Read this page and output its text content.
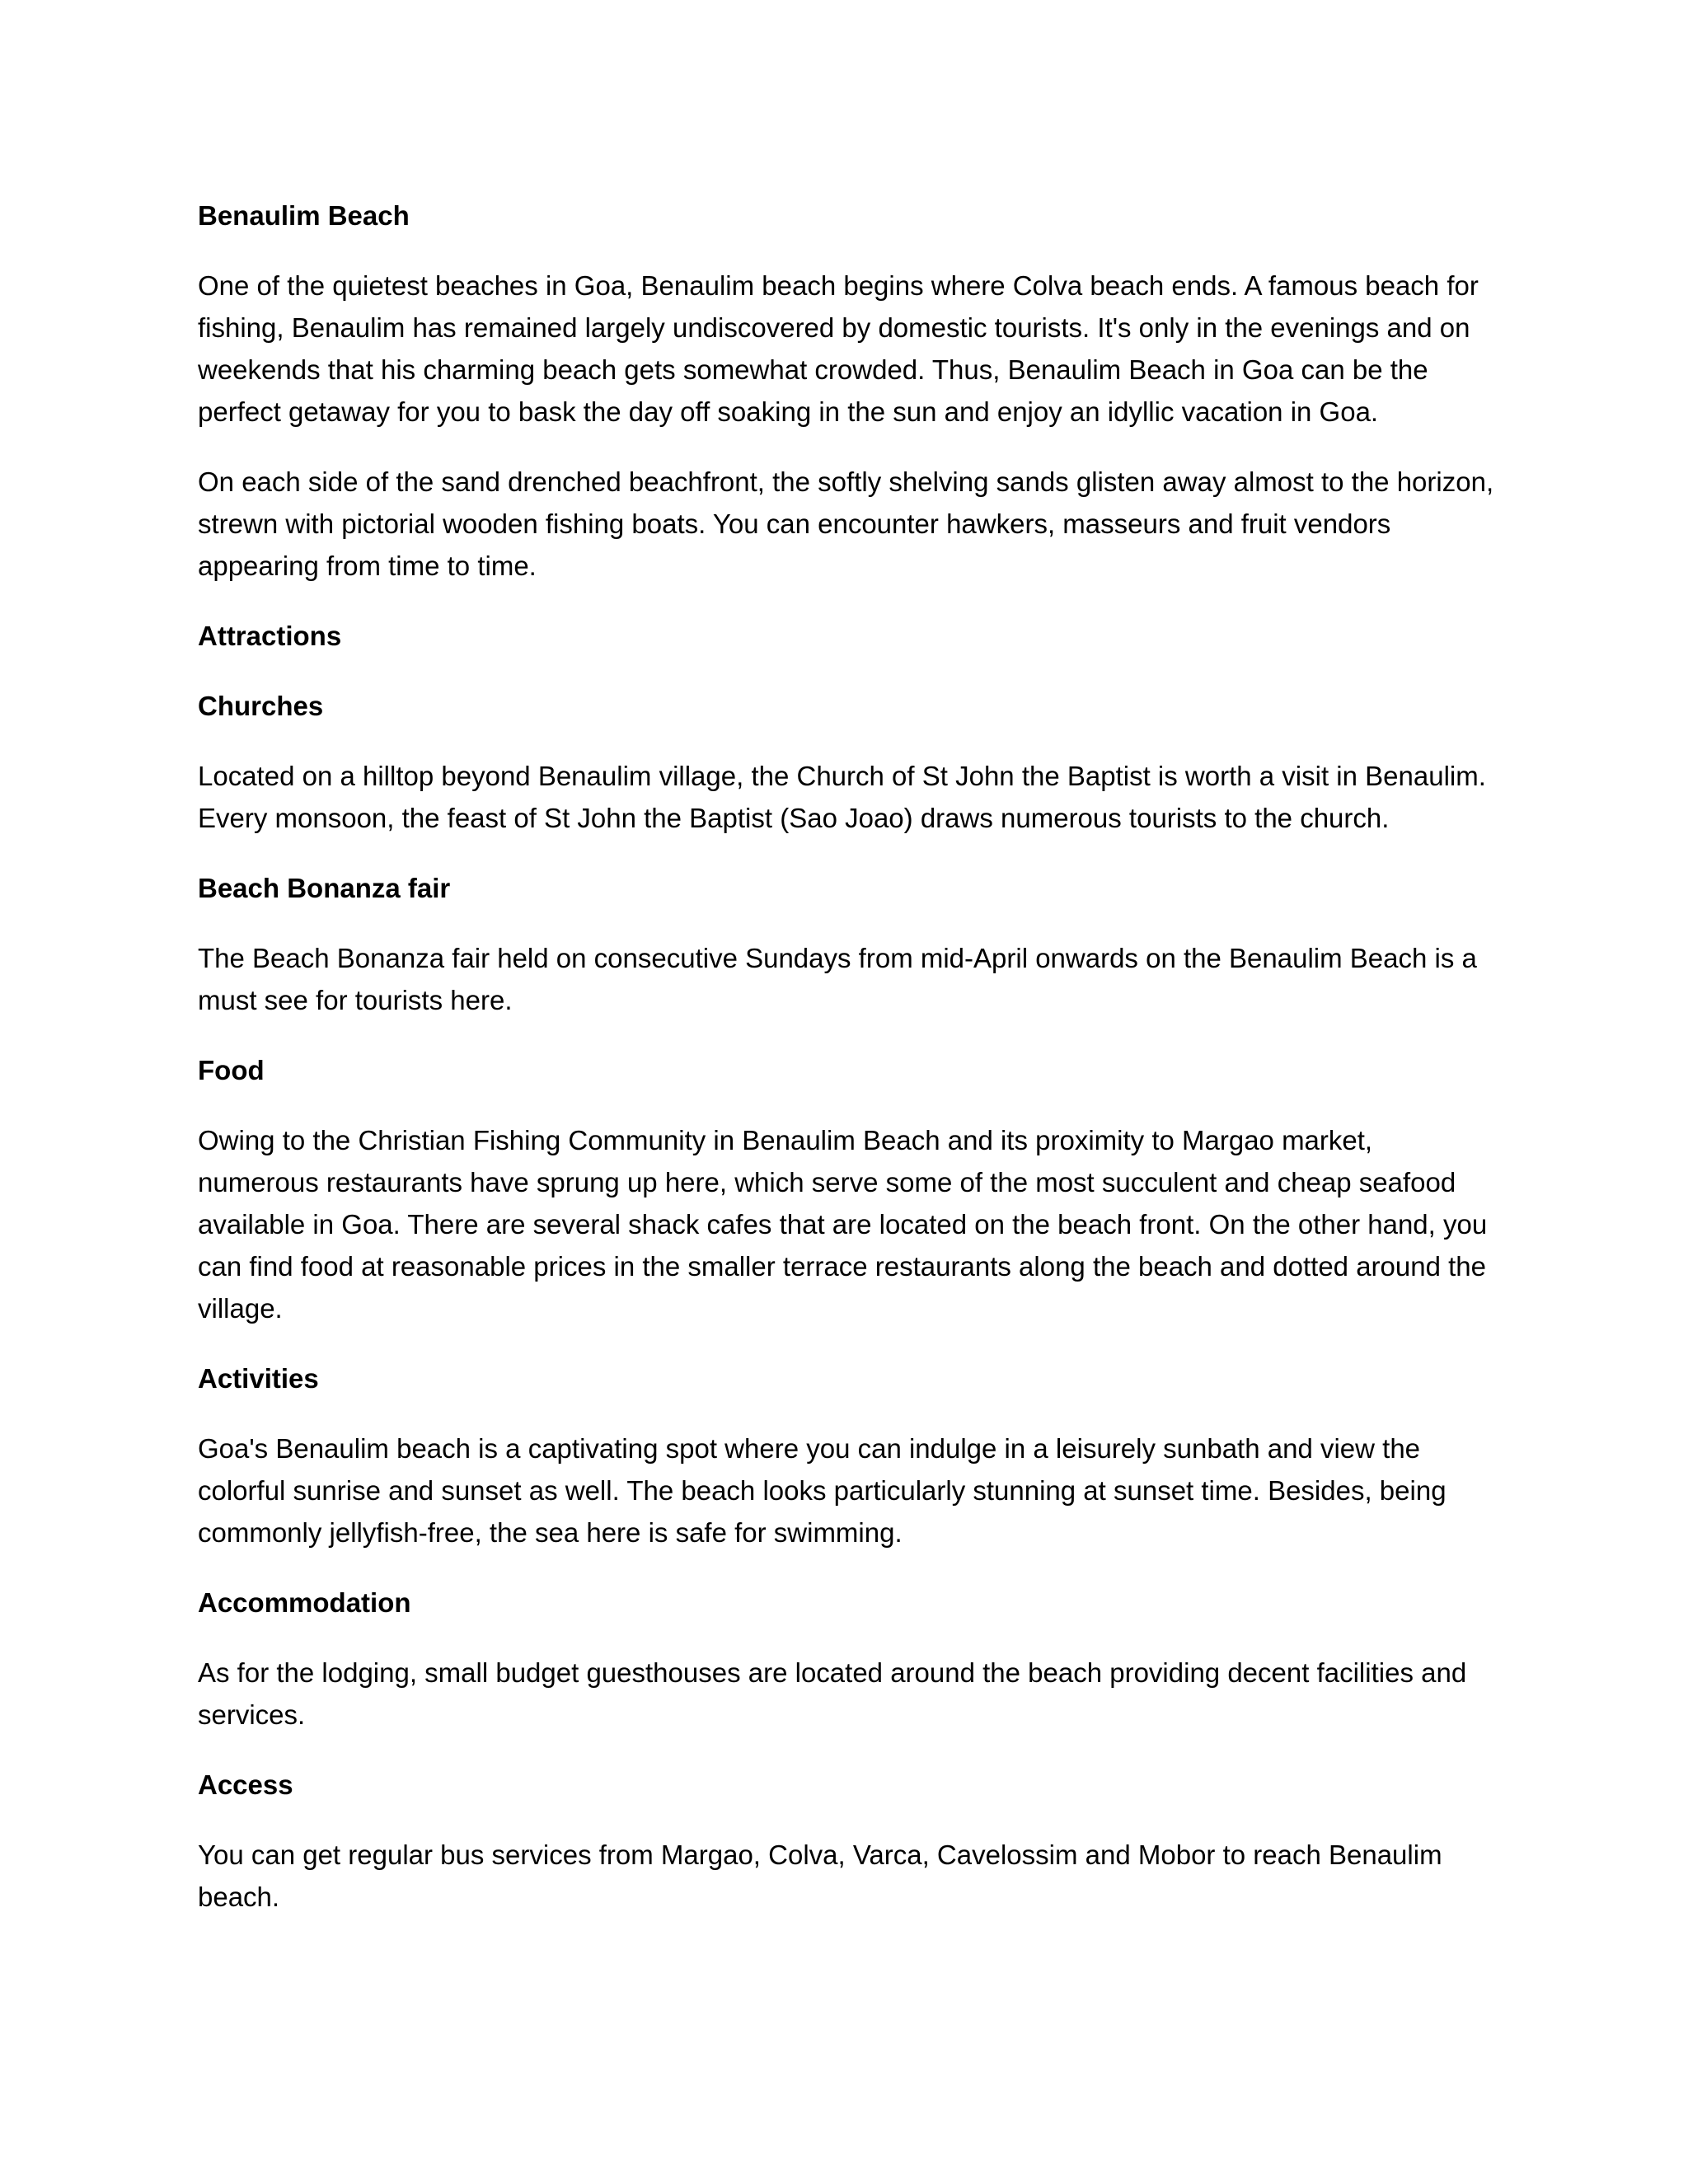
Benaulim Beach
One of the quietest beaches in Goa, Benaulim beach begins where Colva beach ends. A famous beach for fishing, Benaulim has remained largely undiscovered by domestic tourists. It's only in the evenings and on weekends that his charming beach gets somewhat crowded. Thus, Benaulim Beach in Goa can be the perfect getaway for you to bask the day off soaking in the sun and enjoy an idyllic vacation in Goa.
On each side of the sand drenched beachfront, the softly shelving sands glisten away almost to the horizon, strewn with pictorial wooden fishing boats. You can encounter hawkers, masseurs and fruit vendors appearing from time to time.
Attractions
Churches
Located on a hilltop beyond Benaulim village, the Church of St John the Baptist is worth a visit in Benaulim. Every monsoon, the feast of St John the Baptist (Sao Joao) draws numerous tourists to the church.
Beach Bonanza fair
The Beach Bonanza fair held on consecutive Sundays from mid-April onwards on the Benaulim Beach is a must see for tourists here.
Food
Owing to the Christian Fishing Community in Benaulim Beach and its proximity to Margao market, numerous restaurants have sprung up here, which serve some of the most succulent and cheap seafood available in Goa. There are several shack cafes that are located on the beach front. On the other hand, you can find food at reasonable prices in the smaller terrace restaurants along the beach and dotted around the village.
Activities
Goa's Benaulim beach is a captivating spot where you can indulge in a leisurely sunbath and view the colorful sunrise and sunset as well. The beach looks particularly stunning at sunset time. Besides, being commonly jellyfish-free, the sea here is safe for swimming.
Accommodation
As for the lodging, small budget guesthouses are located around the beach providing decent facilities and services.
Access
You can get regular bus services from Margao, Colva, Varca, Cavelossim and Mobor to reach Benaulim beach.
